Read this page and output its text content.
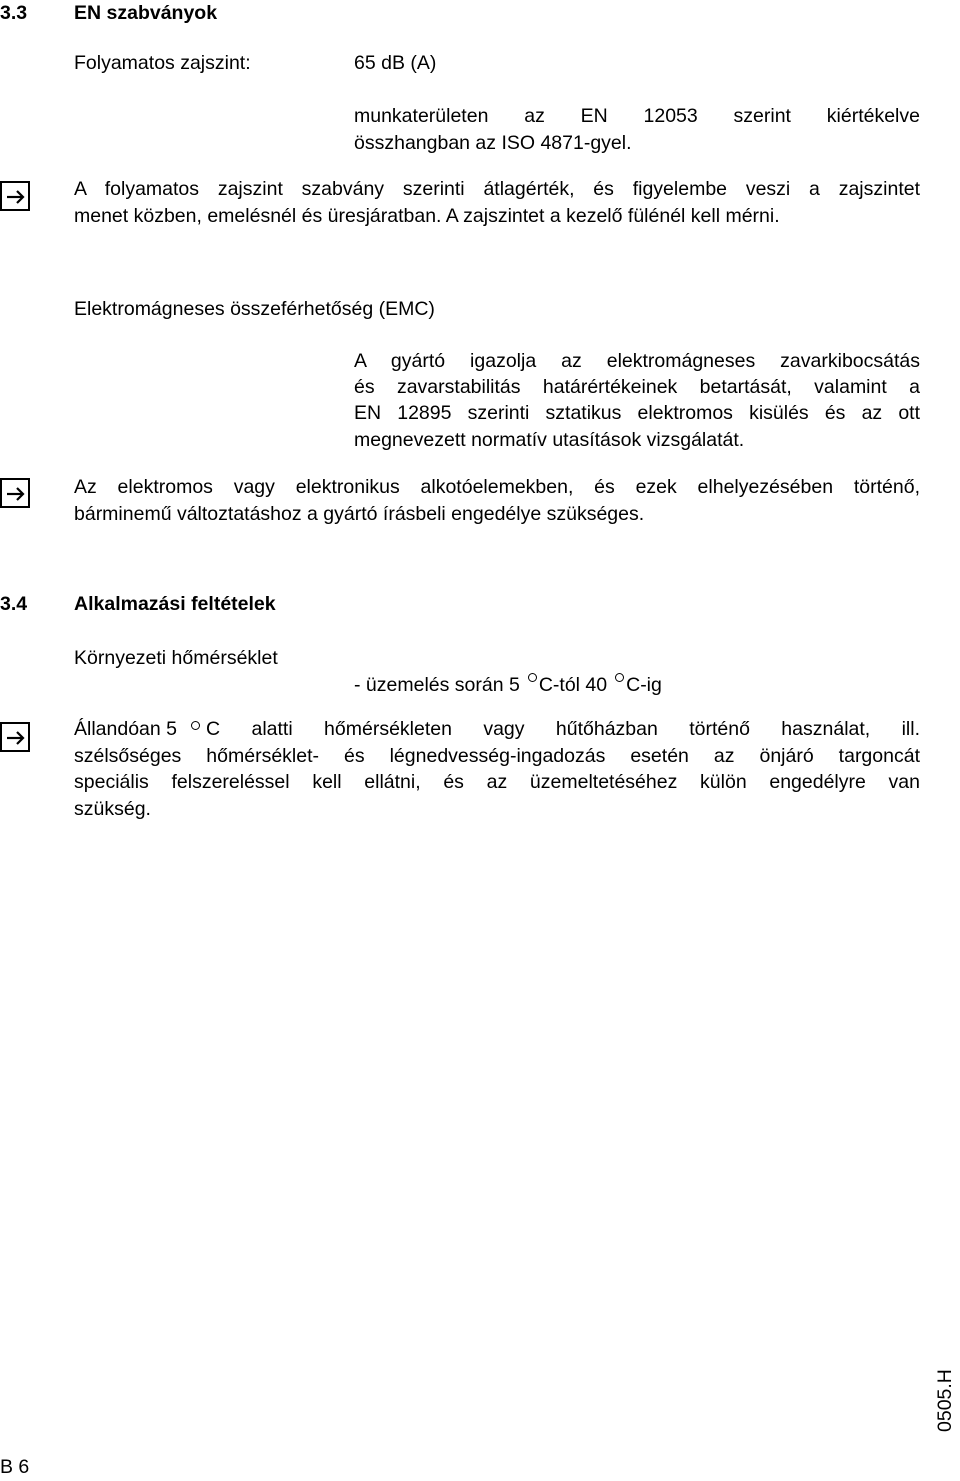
3.3 EN szabványok
Folyamatos zajszint:	65 dB (A)
munkaterületen az EN 12053 szerint kiértékelve
összhangban az ISO 4871-gyel.
A folyamatos zajszint szabvány szerinti átlagérték, és figyelembe veszi a zajszintet
menet közben, emelésnél és üresjáratban. A zajszintet a kezelő fülénél kell mérni.
Elektromágneses összeférhetőség (EMC)
A gyártó igazolja az elektromágneses zavarkibocsátás
és zavarstabilitás határértékeinek betartását, valamint a
EN 12895 szerinti sztatikus elektromos kisülés és az ott
megnevezett normatív utasítások vizsgálatát.
Az elektromos vagy elektronikus alkotóelemekben, és ezek elhelyezésében történő,
bárminemű változtatáshoz a gyártó írásbeli engedélye szükséges.
3.4 Alkalmazási feltételek
Környezeti hőmérséklet
- üzemelés során 5 C-tól 40 C-ig
Állandóan 5 C alatti hőmérsékleten vagy hűtőházban történő használat, ill.
szélsőséges hőmérséklet- és légnedvesség-ingadozás esetén az önjáró targoncát
speciális felszereléssel kell ellátni, és az üzemeltetéséhez külön engedélyre van
szükség.
B 6
0505.H
